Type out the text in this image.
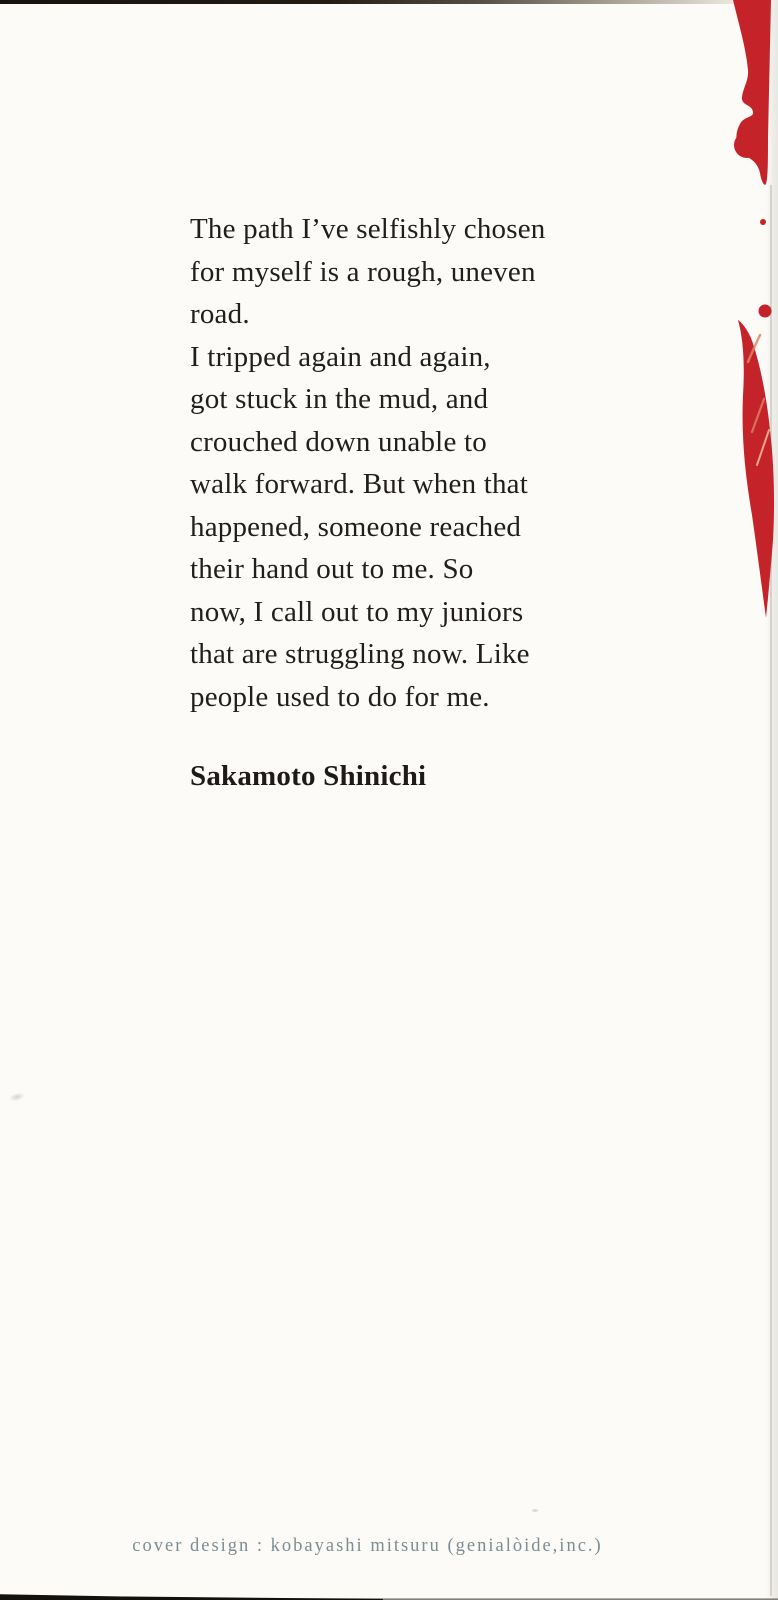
The path I’ve selfishly chosen
for myself is a rough, uneven
road.
I tripped again and again,
got stuck in the mud, and
crouched down unable to
walk forward. But when that
happened, someone reached
their hand out to me. So
now, I call out to my juniors
that are struggling now. Like
people used to do for me.
Sakamoto Shinichi
cover design : kobayashi mitsuru (genialòide,inc.)
